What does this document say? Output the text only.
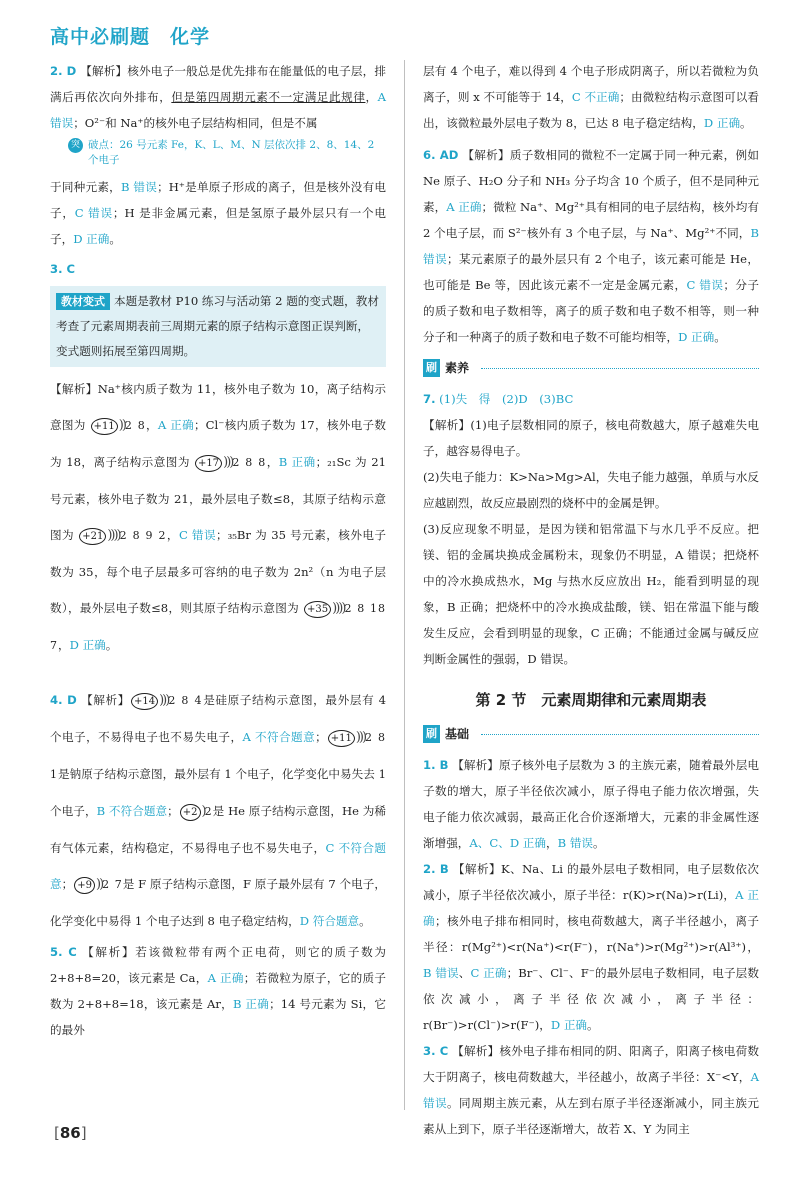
高中必刷题　化学

2. D 【解析】核外电子一般总是优先排布在能量低的电子层，排满后再依次向外排布，但是第四周期元素不一定满足此规律，A 错误；O²⁻和 Na⁺的核外电子层结构相同，但是不属

突 破点：26 号元素 Fe，K、L、M、N 层依次排 2、8、14、2 个电子

于同种元素，B 错误；H⁺是单原子形成的离子，但是核外没有电子，C 错误；H 是非金属元素，但是氢原子最外层只有一个电子，D 正确。

3. C

教材变式 本题是教材 P10 练习与活动第 2 题的变式题，教材考查了元素周期表前三周期元素的原子结构示意图正误判断，变式题则拓展至第四周期。

【解析】Na⁺核内质子数为 11，核外电子数为 10，离子结构示意图为 +11 ))2 8，A 正确；Cl⁻核内质子数为 17，核外电子数为 18，离子结构示意图为 +17 )))2 8 8，B 正确；₂₁Sc 为 21 号元素，核外电子数为 21，最外层电子数≤8，其原子结构示意图为 +21 ))))2 8 9 2，C 错误；₃₅Br 为 35 号元素，核外电子数为 35，每个电子层最多可容纳的电子数为 2n²（n 为电子层数），最外层电子数≤8，则其原子结构示意图为 +35 ))))2 8 18 7，D 正确。

4. D 【解析】 +14 )))2 8 4是硅原子结构示意图，最外层有 4 个电子，不易得电子也不易失电子，A 不符合题意； +11 )))2 8 1是钠原子结构示意图，最外层有 1 个电子，化学变化中易失去 1 个电子，B 不符合题意； +2 )2是 He 原子结构示意图，He 为稀有气体元素，结构稳定，不易得电子也不易失电子，C 不符合题意； +9 ))2 7是 F 原子结构示意图，F 原子最外层有 7 个电子，化学变化中易得 1 个电子达到 8 电子稳定结构，D 符合题意。

5. C 【解析】若该微粒带有两个正电荷，则它的质子数为 2+8+8=20，该元素是 Ca，A 正确；若微粒为原子，它的质子数为 2+8+8=18，该元素是 Ar，B 正确；14 号元素为 Si，它的最外

层有 4 个电子，难以得到 4 个电子形成阴离子，所以若微粒为负离子，则 x 不可能等于 14，C 不正确；由微粒结构示意图可以看出，该微粒最外层电子数为 8，已达 8 电子稳定结构，D 正确。

6. AD 【解析】质子数相同的微粒不一定属于同一种元素，例如 Ne 原子、H₂O 分子和 NH₃ 分子均含 10 个质子，但不是同种元素，A 正确；微粒 Na⁺、Mg²⁺具有相同的电子层结构，核外均有 2 个电子层，而 S²⁻核外有 3 个电子层，与 Na⁺、Mg²⁺不同，B 错误；某元素原子的最外层只有 2 个电子，该元素可能是 He，也可能是 Be 等，因此该元素不一定是金属元素，C 错误；分子的质子数和电子数相等，离子的质子数和电子数不相等，则一种分子和一种离子的质子数和电子数不可能均相等，D 正确。

刷 素养

7. (1)失　得　(2)D　(3)BC

【解析】(1)电子层数相同的原子，核电荷数越大，原子越难失电子，越容易得电子。

(2)失电子能力：K>Na>Mg>Al，失电子能力越强，单质与水反应越剧烈，故反应最剧烈的烧杯中的金属是钾。

(3)反应现象不明显，是因为镁和铝常温下与水几乎不反应。把镁、铝的金属块换成金属粉末，现象仍不明显，A 错误；把烧杯中的冷水换成热水，Mg 与热水反应放出 H₂，能看到明显的现象，B 正确；把烧杯中的冷水换成盐酸，镁、铝在常温下能与酸发生反应，会看到明显的现象，C 正确；不能通过金属与碱反应判断金属性的强弱，D 错误。

第 2 节　元素周期律和元素周期表
刷 基础

1. B 【解析】原子核外电子层数为 3 的主族元素，随着最外层电子数的增大，原子半径依次减小，原子得电子能力依次增强，失电子能力依次减弱，最高正化合价逐渐增大，元素的非金属性逐渐增强，A、C、D 正确，B 错误。

2. B 【解析】K、Na、Li 的最外层电子数相同，电子层数依次减小，原子半径依次减小，原子半径：r(K)>r(Na)>r(Li)，A 正确；核外电子排布相同时，核电荷数越大，离子半径越小，离子半径：r(Mg²⁺)<r(Na⁺)<r(F⁻)，r(Na⁺)>r(Mg²⁺)>r(Al³⁺)，B 错误、C 正确；Br⁻、Cl⁻、F⁻的最外层电子数相同，电子层数依次减小，离子半径依次减小，离子半径：r(Br⁻)>r(Cl⁻)>r(F⁻)，D 正确。

3. C 【解析】核外电子排布相同的阴、阳离子，阳离子核电荷数大于阴离子，核电荷数越大，半径越小，故离子半径：X⁻<Y，A 错误。同周期主族元素，从左到右原子半径逐渐减小，同主族元素从上到下，原子半径逐渐增大，故若 X、Y 为同主

[86]
